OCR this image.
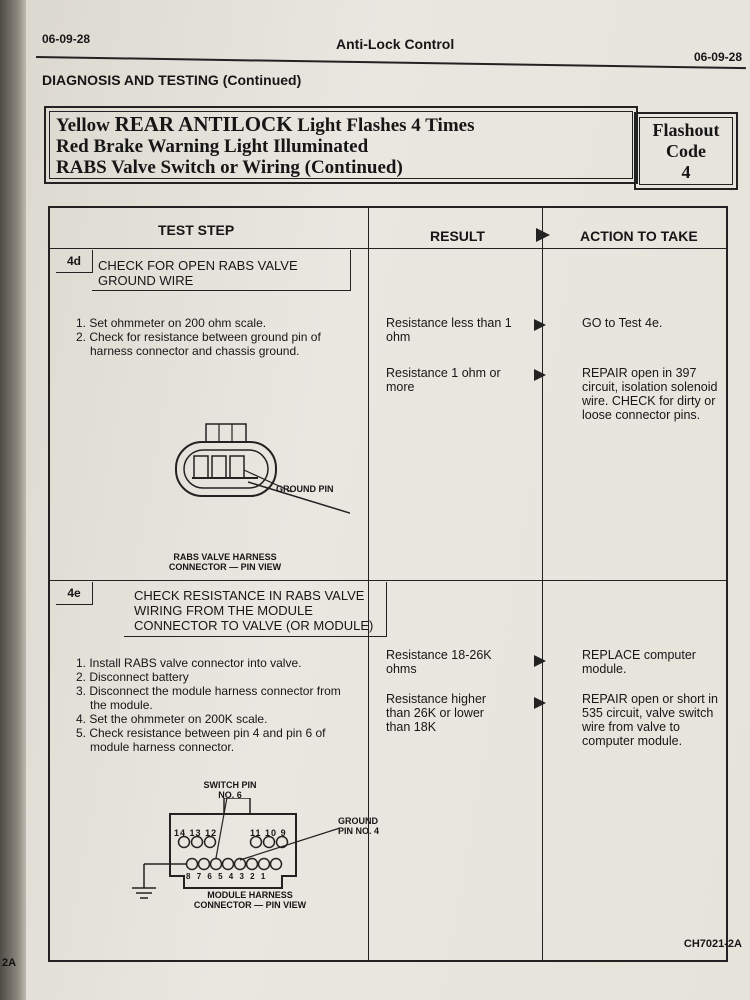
2A
06-09-28	Anti-Lock Control
06-09-28
DIAGNOSIS AND TESTING (Continued)
Yellow REAR ANTILOCK Light Flashes 4 Times
Red Brake Warning Light Illuminated
RABS Valve Switch or Wiring (Continued)
Flashout
Code
4
TEST STEP	RESULT	ACTION TO TAKE
4d	CHECK FOR OPEN RABS VALVE GROUND WIRE
1. Set ohmmeter on 200 ohm scale.
2. Check for resistance between ground pin of harness connector and chassis ground.
GROUND PIN
RABS VALVE HARNESS CONNECTOR — PIN VIEW
Resistance less than 1 ohm
GO to Test 4e.
Resistance 1 ohm or more
REPAIR open in 397 circuit, isolation solenoid wire. CHECK for dirty or loose connector pins.
4e	CHECK RESISTANCE IN RABS VALVE WIRING FROM THE MODULE CONNECTOR TO VALVE (OR MODULE)
1. Install RABS valve connector into valve.
2. Disconnect battery
3. Disconnect the module harness connector from the module.
4. Set the ohmmeter on 200K scale.
5. Check resistance between pin 4 and pin 6 of module harness connector.
SWITCH PIN NO. 6
GROUND PIN NO. 4
14 13 12	11 10 9
8 7 6 5 4 3 2 1
MODULE HARNESS CONNECTOR — PIN VIEW
Resistance 18-26K ohms
REPLACE computer module.
Resistance higher than 26K or lower than 18K
REPAIR open or short in 535 circuit, valve switch wire from valve to computer module.
CH7021-2A
